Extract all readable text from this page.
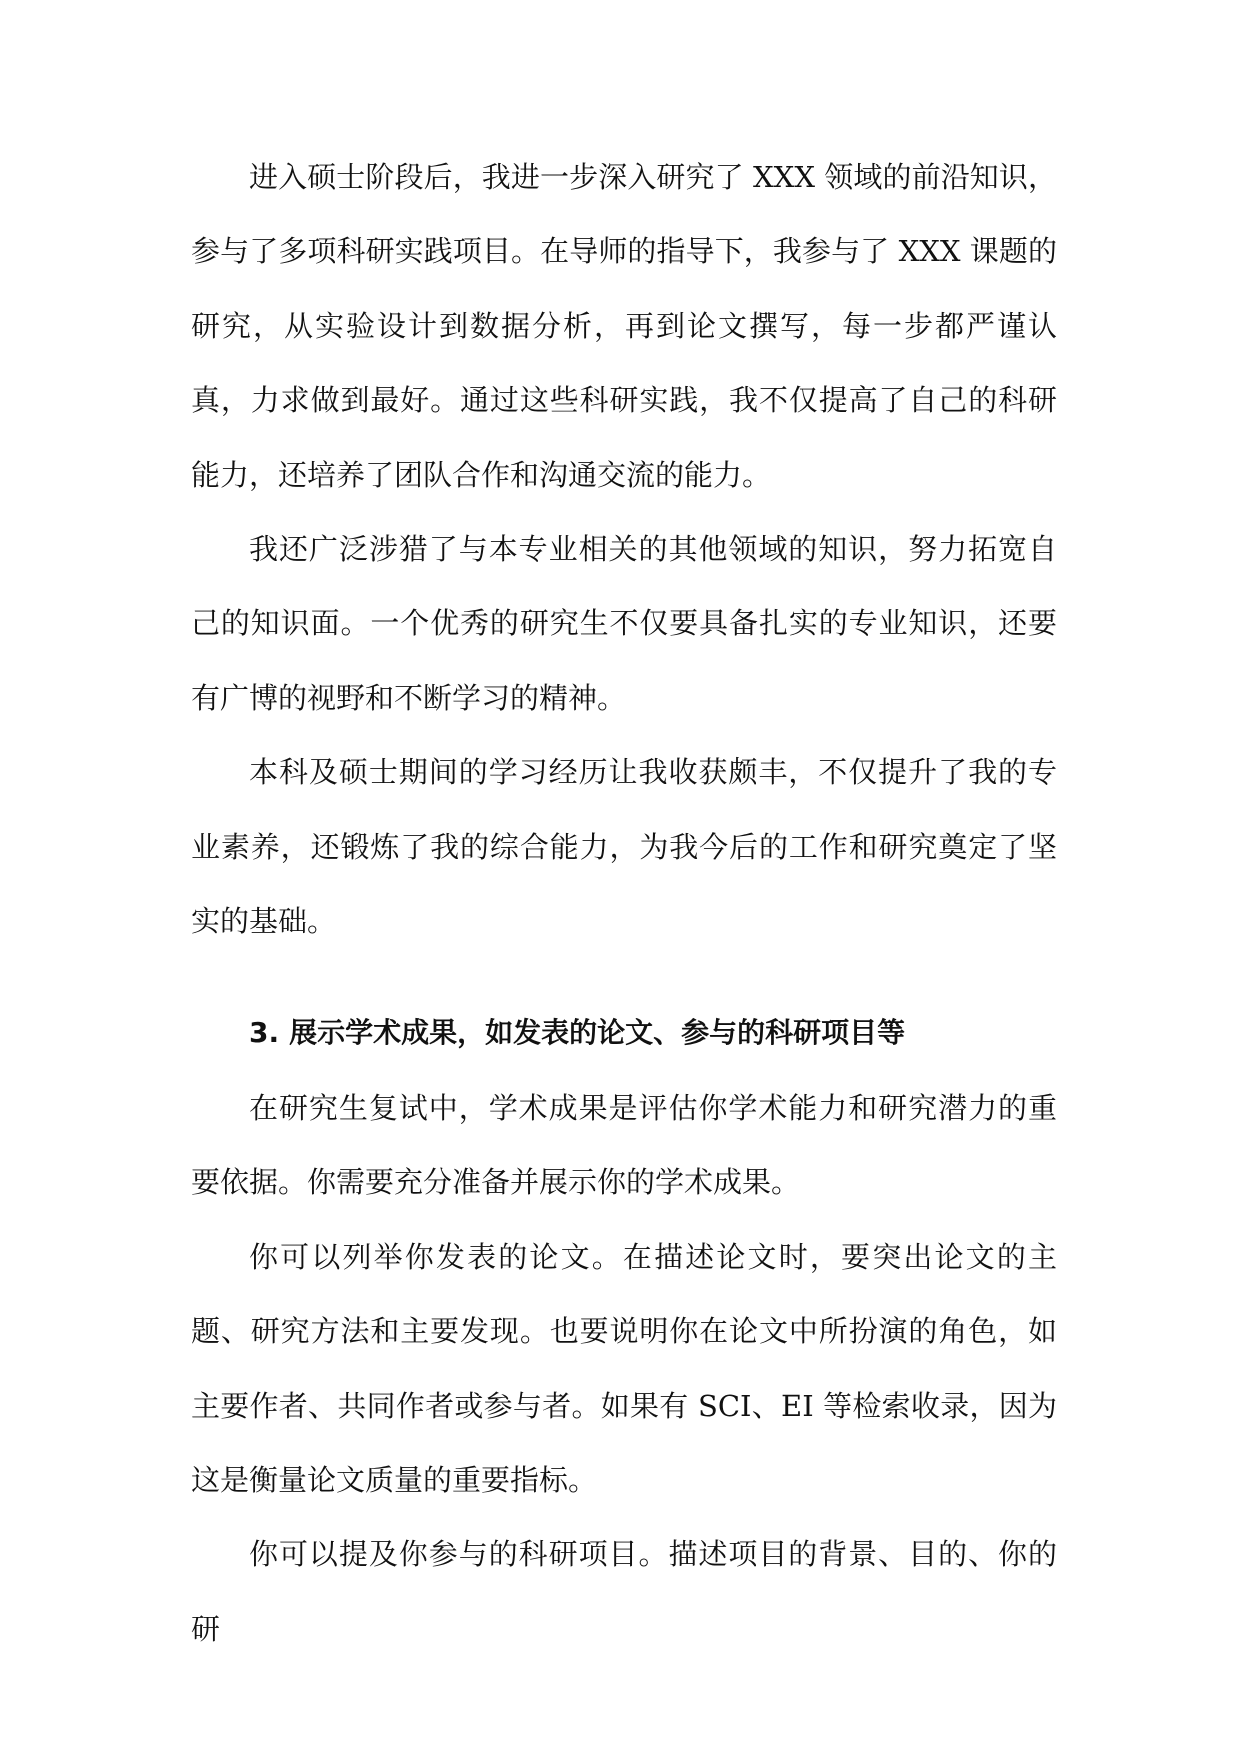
进入硕士阶段后，我进一步深入研究了 XXX 领域的前沿知识，参与了多项科研实践项目。在导师的指导下，我参与了 XXX 课题的研究，从实验设计到数据分析，再到论文撰写，每一步都严谨认真，力求做到最好。通过这些科研实践，我不仅提高了自己的科研能力，还培养了团队合作和沟通交流的能力。

我还广泛涉猎了与本专业相关的其他领域的知识，努力拓宽自己的知识面。一个优秀的研究生不仅要具备扎实的专业知识，还要有广博的视野和不断学习的精神。

本科及硕士期间的学习经历让我收获颇丰，不仅提升了我的专业素养，还锻炼了我的综合能力，为我今后的工作和研究奠定了坚实的基础。

3. 展示学术成果，如发表的论文、参与的科研项目等

在研究生复试中，学术成果是评估你学术能力和研究潜力的重要依据。你需要充分准备并展示你的学术成果。

你可以列举你发表的论文。在描述论文时，要突出论文的主题、研究方法和主要发现。也要说明你在论文中所扮演的角色，如主要作者、共同作者或参与者。如果有 SCI、EI 等检索收录，因为这是衡量论文质量的重要指标。

你可以提及你参与的科研项目。描述项目的背景、目的、你的研
